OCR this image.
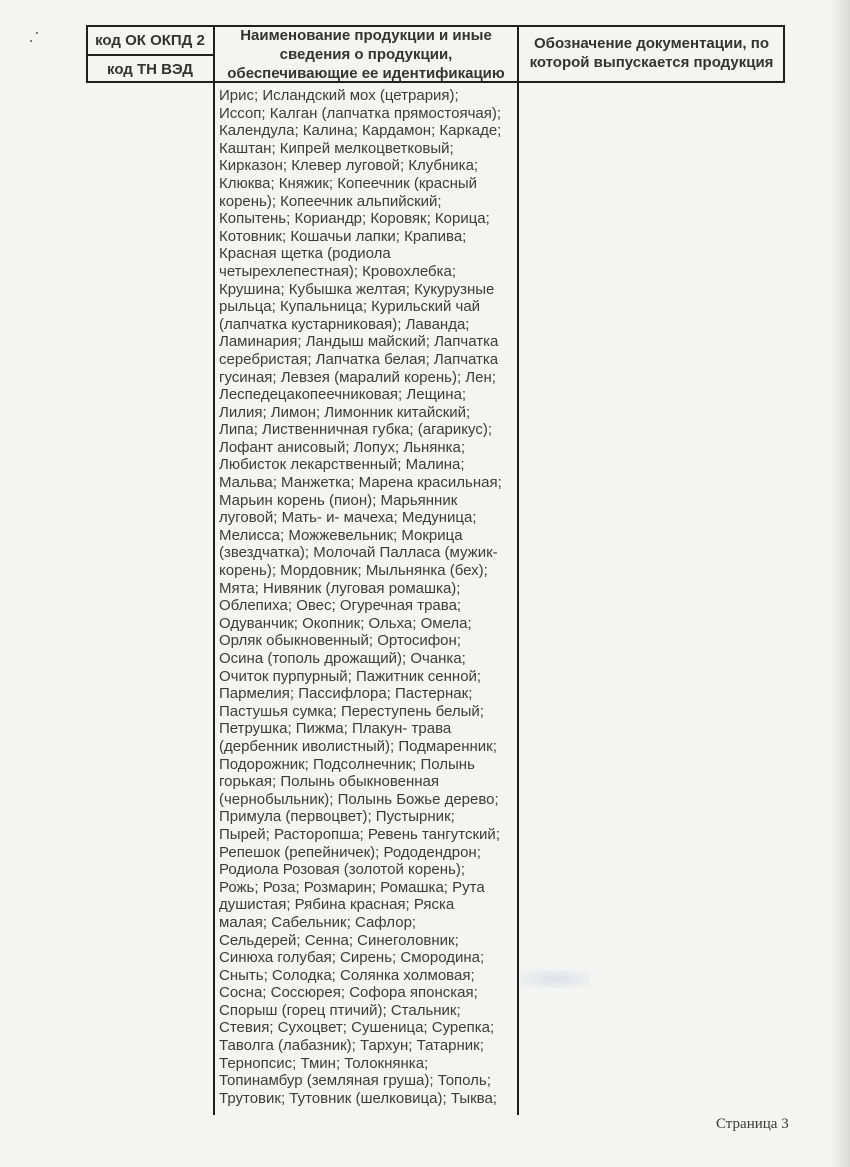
код ОК ОКПД 2
код ТН ВЭД
Наименование продукции и иные сведения о продукции, обеспечивающие ее идентификацию
Обозначение документации, по которой выпускается продукция
Ирис; Исландский мох (цетрария);
Иссоп; Калган (лапчатка прямостоячая);
Календула; Калина; Кардамон; Каркаде;
Каштан; Кипрей мелкоцветковый;
Кирказон; Клевер луговой; Клубника;
Клюква; Княжик; Копеечник (красный
корень); Копеечник альпийский;
Копытень; Кориандр; Коровяк; Корица;
Котовник; Кошачьи лапки; Крапива;
Красная щетка (родиола
четырехлепестная); Кровохлебка;
Крушина; Кубышка желтая; Кукурузные
рыльца; Купальница; Курильский чай
(лапчатка кустарниковая); Лаванда;
Ламинария; Ландыш майский; Лапчатка
серебристая; Лапчатка белая; Лапчатка
гусиная; Левзея (маралий корень); Лен;
Леспедецакопеечниковая; Лещина;
Лилия; Лимон; Лимонник китайский;
Липа; Лиственничная губка; (агарикус);
Лофант анисовый; Лопух; Льнянка;
Любисток лекарственный; Малина;
Мальва; Манжетка; Марена красильная;
Марьин корень (пион); Марьянник
луговой; Мать- и- мачеха; Медуница;
Мелисса; Можжевельник; Мокрица
(звездчатка); Молочай Палласа (мужик-
корень); Мордовник; Мыльнянка (бех);
Мята; Нивяник (луговая ромашка);
Облепиха; Овес; Огуречная трава;
Одуванчик; Окопник; Ольха; Омела;
Орляк обыкновенный; Ортосифон;
Осина (тополь дрожащий); Очанка;
Очиток пурпурный; Пажитник сенной;
Пармелия; Пассифлора; Пастернак;
Пастушья сумка; Переступень белый;
Петрушка; Пижма; Плакун- трава
(дербенник иволистный); Подмаренник;
Подорожник; Подсолнечник; Полынь
горькая; Полынь обыкновенная
(чернобыльник); Полынь Божье дерево;
Примула (первоцвет); Пустырник;
Пырей; Расторопша; Ревень тангутский;
Репешок (репейничек); Рододендрон;
Родиола Розовая (золотой корень);
Рожь; Роза; Розмарин; Ромашка; Рута
душистая; Рябина красная; Ряска
малая; Сабельник; Сафлор;
Сельдерей; Сенна; Синеголовник;
Синюха голубая; Сирень; Смородина;
Сныть; Солодка; Солянка холмовая;
Сосна; Соссюрея; Софора японская;
Спорыш (горец птичий); Стальник;
Стевия; Сухоцвет; Сушеница; Сурепка;
Таволга (лабазник); Тархун; Татарник;
Тернопсис; Тмин; Толокнянка;
Топинамбур (земляная груша); Тополь;
Трутовик; Тутовник (шелковица); Тыква;
Страница 3
